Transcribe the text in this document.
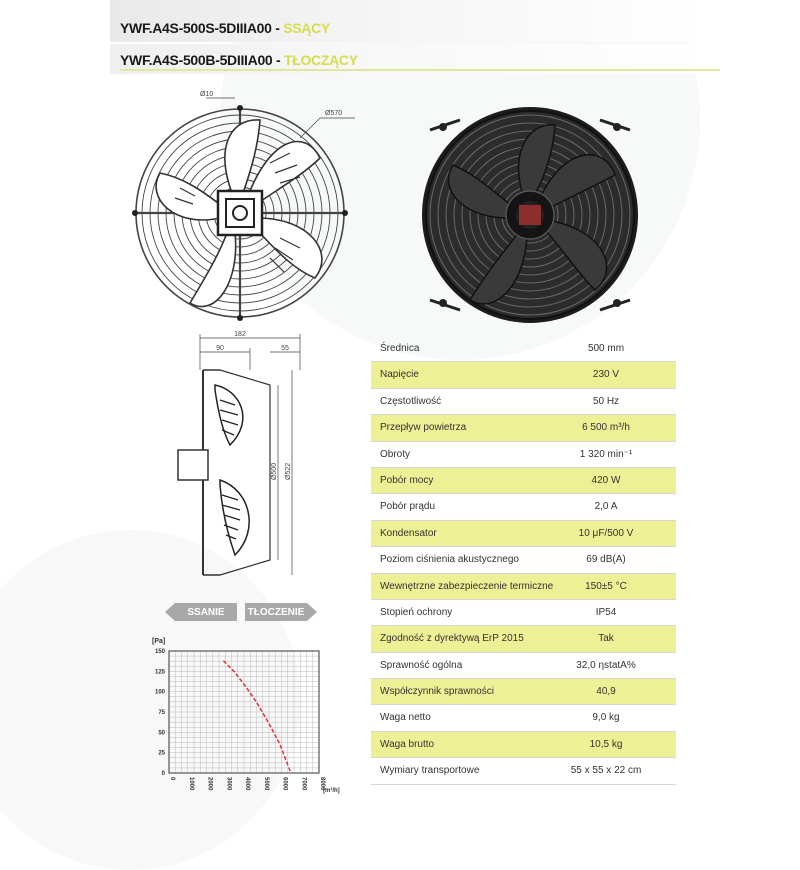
YWF.A4S-500S-5DIIIA00 - SSĄCY
YWF.A4S-500B-5DIIIA00 - TŁOCZĄCY
Ø10
Ø570
182
90	55
Ø500 Ø522
SSANIE	TŁOCZENIE
[Pa]
[m³/h]
150
125
100
75
50
25
0
0 1000 2000 3000 4000 5000 6000 7000 8000
Średnica	500 mm
Napięcie	230 V
Częstotliwość	50 Hz
Przepływ powietrza	6 500 m³/h
Obroty	1 320 min⁻¹
Pobór mocy	420 W
Pobór prądu	2,0 A
Kondensator	10 μF/500 V
Poziom ciśnienia akustycznego	69 dB(A)
Wewnętrzne zabezpieczenie termiczne	150±5 °C
Stopień ochrony	IP54
Zgodność z dyrektywą ErP 2015	Tak
Sprawność ogólna	32,0 ηstatA%
Współczynnik sprawności	40,9
Waga netto	9,0 kg
Waga brutto	10,5 kg
Wymiary transportowe	55 x 55 x 22 cm
